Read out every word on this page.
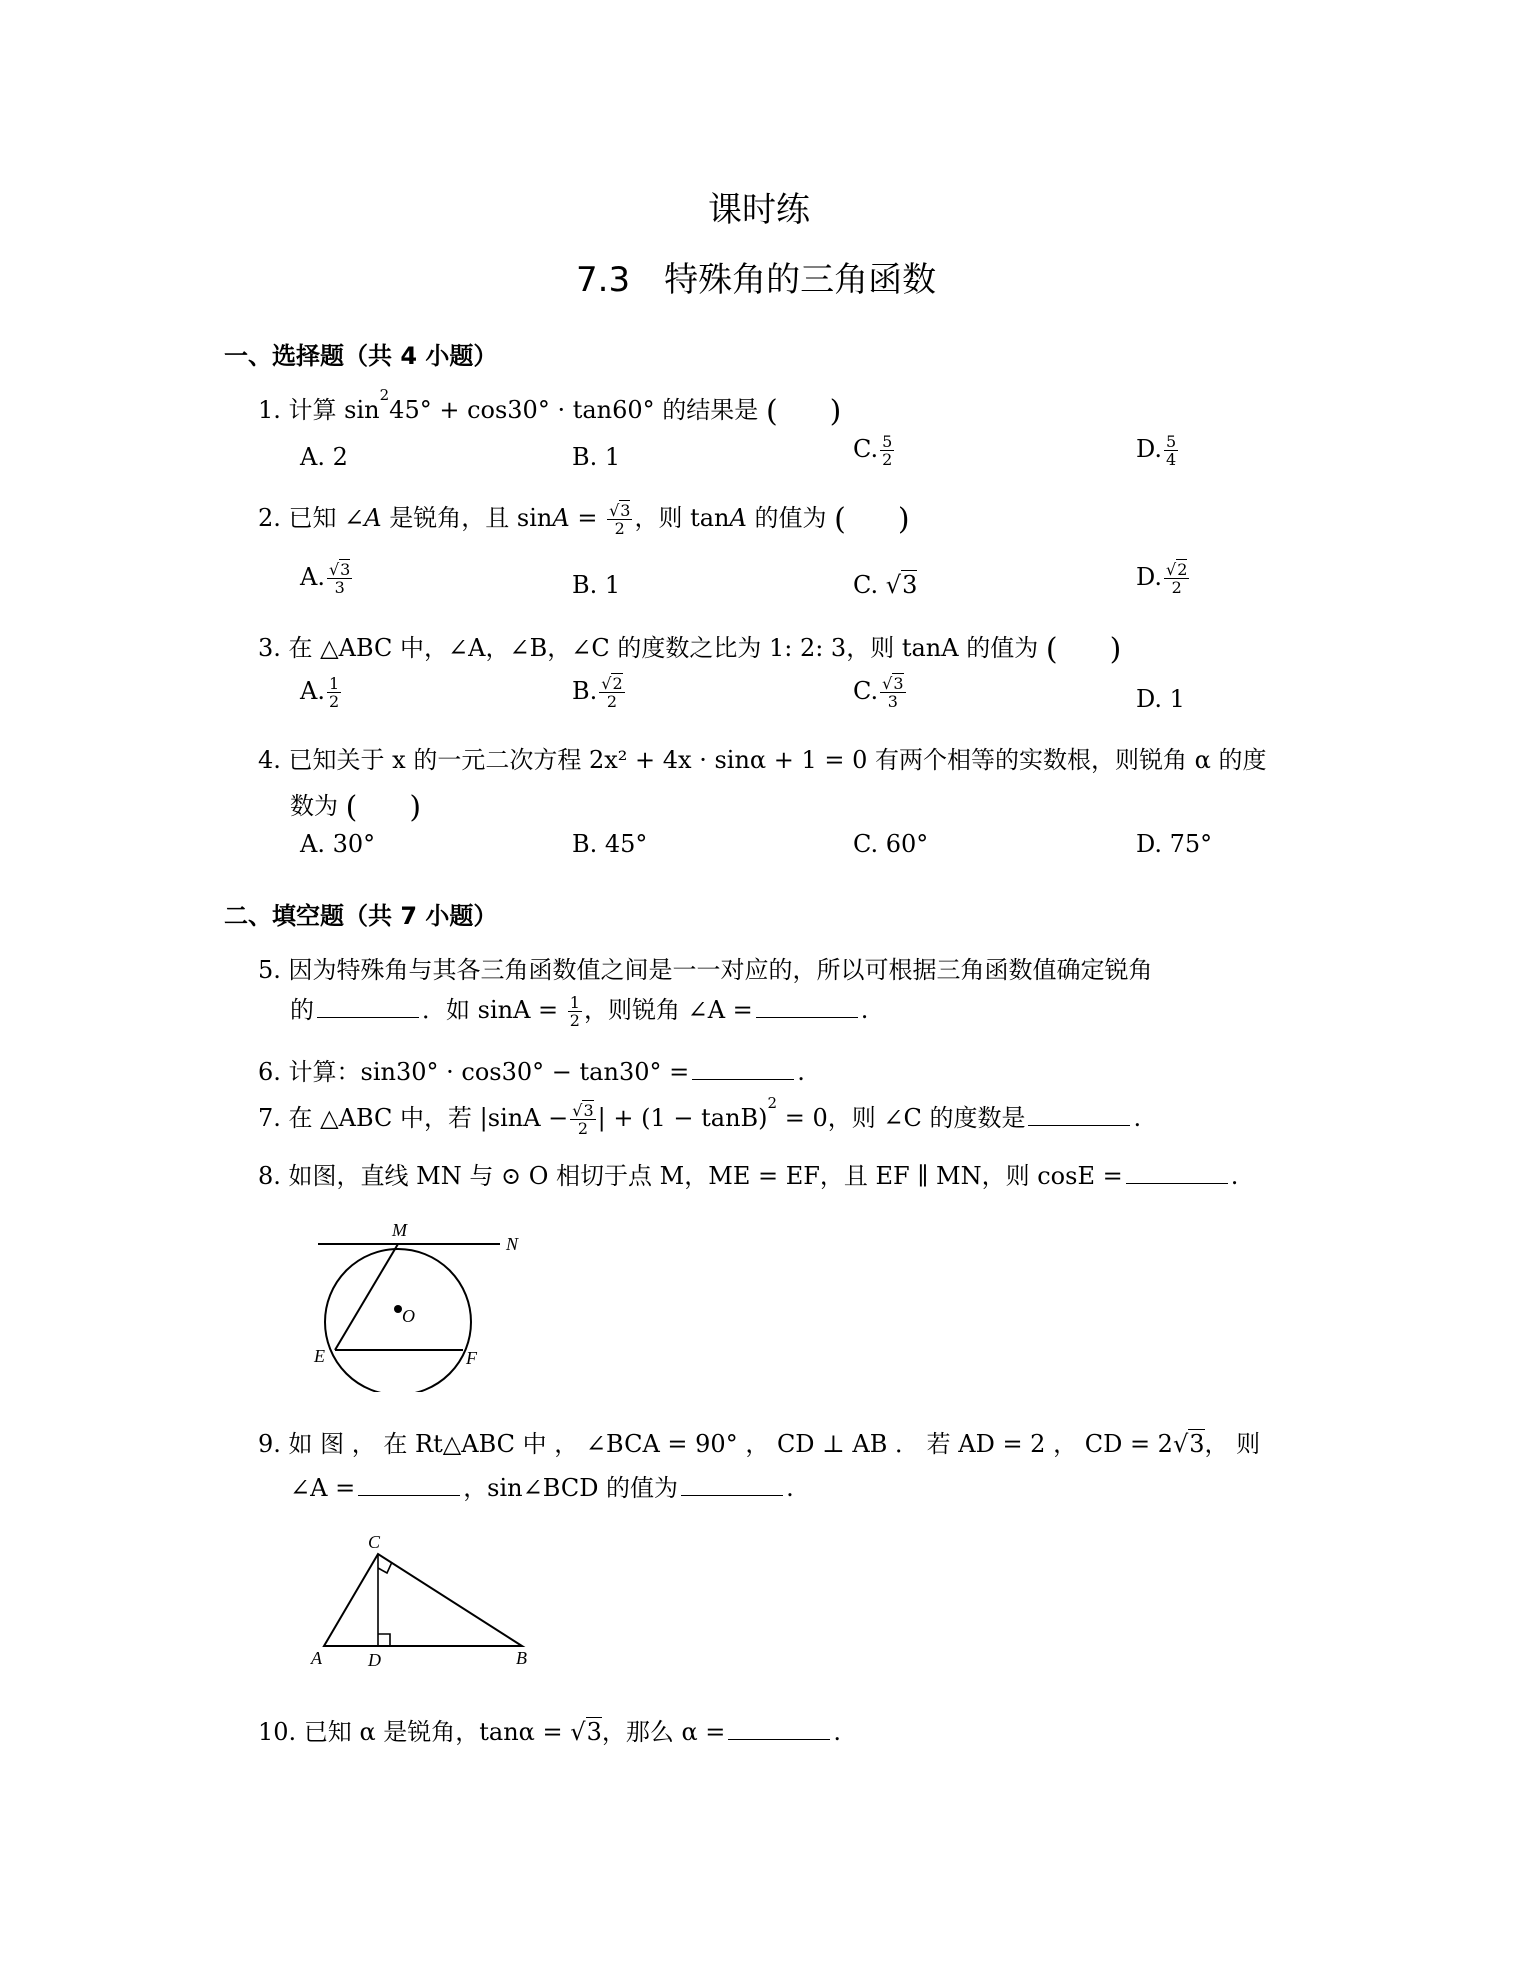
课时练
7.3　特殊角的三角函数
一、选择题（共 4 小题）
1. 计算 $\sin^245^\circ + \cos 30^\circ \cdot \tan 60^\circ$ 的结果是 ( )
A. 2	B. 1	C. $\frac{5}{2}$	D. $\frac{5}{4}$
2. 已知 ∠A 是锐角，且 $\sin A = \frac{√3}{2}$ ，则 tanA 的值为 ( )
A. $\frac{√3}{3}$	B. 1	C. √3	D. $\frac{√2}{2}$
3. 在 △ABC 中，∠A，∠B，∠C 的度数之比为 1: 2: 3，则 tanA 的值为 ( )
A. $\frac{1}{2}$	B. $\frac{√2}{2}$	C. $\frac{√3}{3}$	D. 1
4. 已知关于 x 的一元二次方程 2x² + 4x · sinα + 1 = 0 有两个相等的实数根，则锐角 α 的度
数为 ( )
A. 30°	B. 45°	C. 60°	D. 75°
二、填空题（共 7 小题）
5. 因为特殊角与其各三角函数值之间是一一对应的，所以可根据三角函数值确定锐角
的	．如 $\sin A = \frac{1}{2}$ ，则锐角 ∠A =	.
6. 计算：sin30° · cos30° − tan30° =	.
7. 在 △ABC 中，若 $|\sin A - \frac{√3}{2}$ | + $(1 - \tan B)^2 = 0$，则 ∠C 的度数是	.
8. 如图，直线 MN 与 ⊙ O 相切于点 M，ME = EF，且 EF ∥ MN，则 cosE =	.
M
N
O
E	F
9. 如 图 ， 在 Rt△ABC 中 ， ∠BCA = 90° ， CD ⊥ AB ． 若 AD = 2 ， CD = 2√3， 则
∠A =	，sin∠BCD 的值为	.
C
A	D	B
10. 已知 α 是锐角，tanα = √3，那么 α =	.
